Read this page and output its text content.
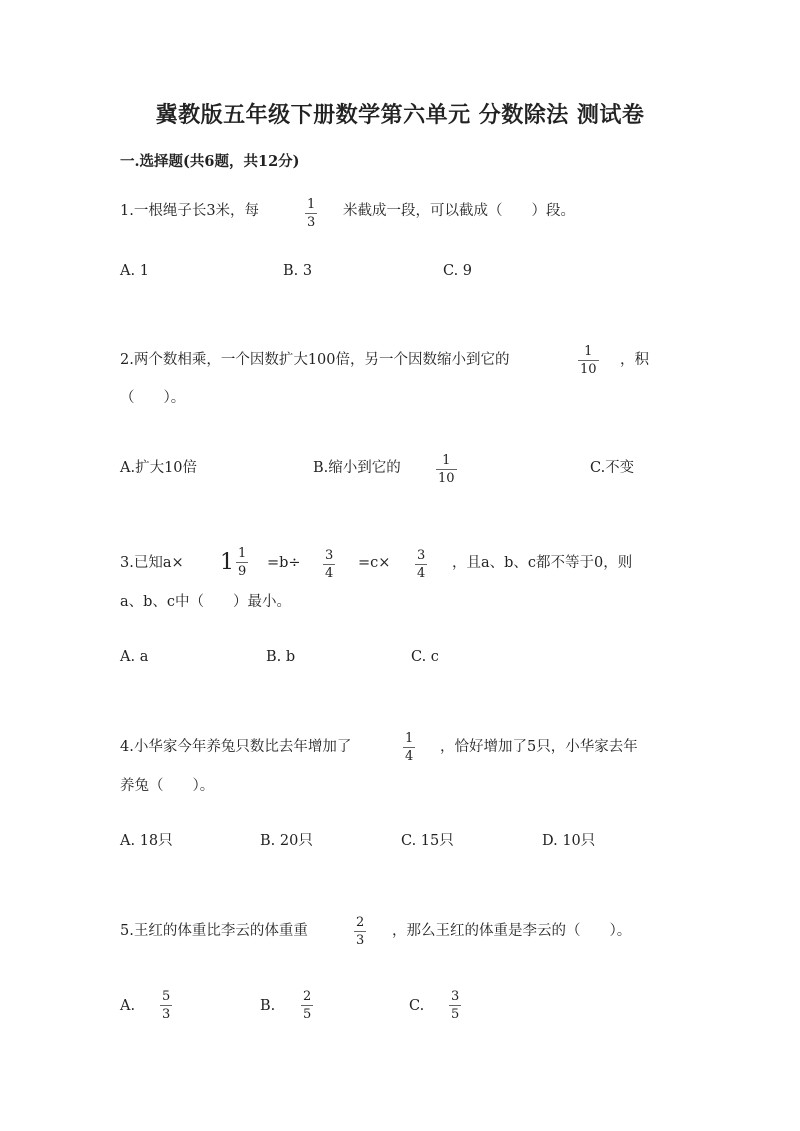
冀教版五年级下册数学第六单元 分数除法 测试卷
一.选择题(共6题，共12分)
1.一根绳子长3米，每	1
3
米截成一段，可以截成（　　）段。
A. 1	B. 3	C. 9
2.两个数相乘，一个因数扩大100倍，另一个因数缩小到它的
1
10
，积
（　　）。
A.扩大10倍	B.缩小到它的	1
10
C.不变
3.已知$a\times 1 \frac{1}{9} =b\div 3$
4
=c× 3
4
，且a、b、c都不等于0，则
a、b、c中（　　）最小。
A. a	B. b	C. c
4.小华家今年养兔只数比去年增加了
1
4
，恰好增加了5只，小华家去年
养兔（　　）。
A. 18只	B. 20只	C. 15只	D. 10只
5.王红的体重比李云的体重重
2
3
，那么王红的体重是李云的（　　）。
A.
5
3
B.
2
5
C.
3
5
